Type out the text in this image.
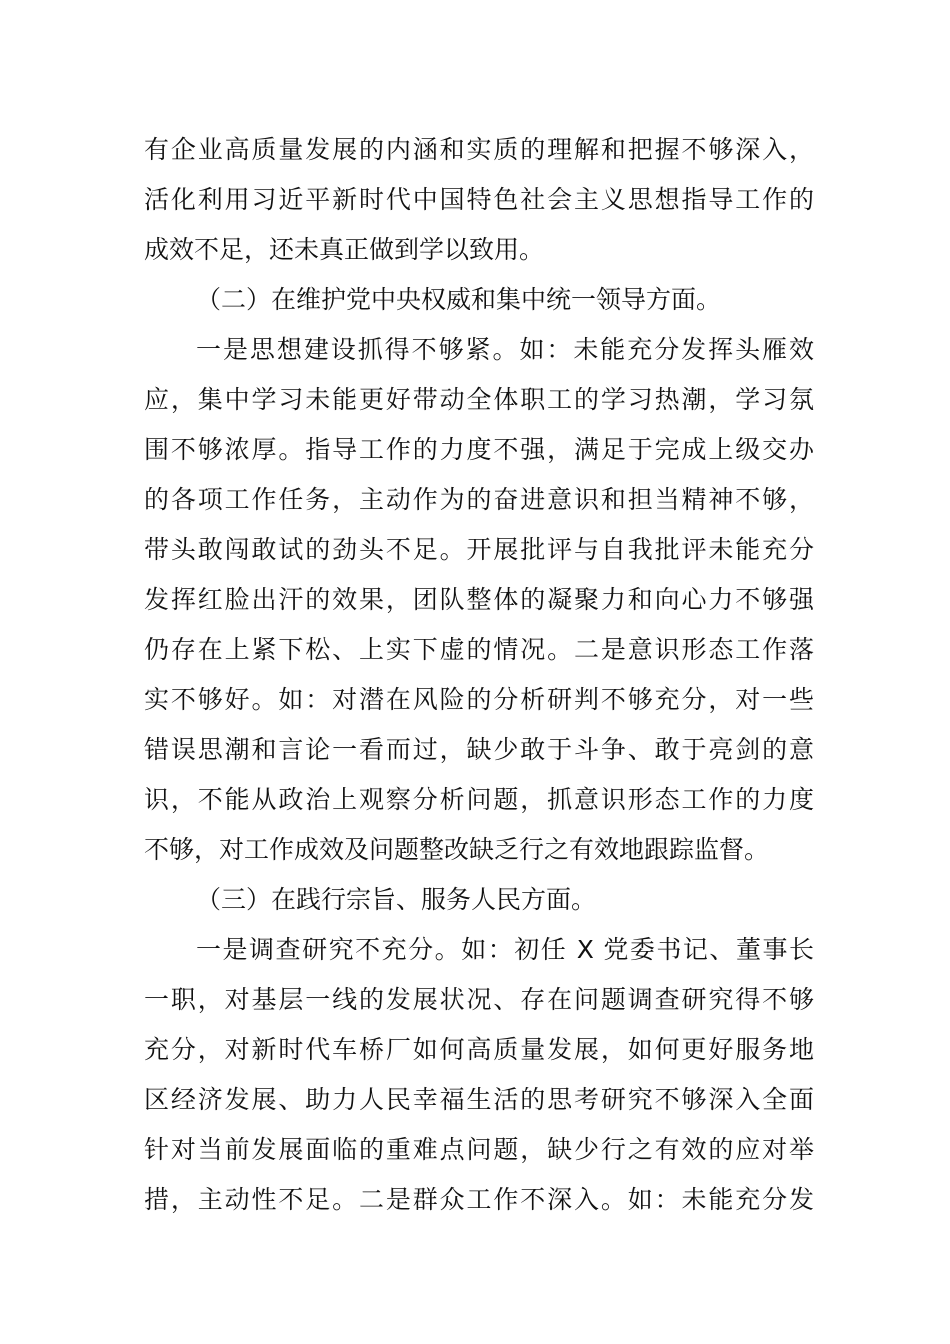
有企业高质量发展的内涵和实质的理解和把握不够深入，
活化利用习近平新时代中国特色社会主义思想指导工作的
成效不足，还未真正做到学以致用。
（二）在维护党中央权威和集中统一领导方面。
一是思想建设抓得不够紧。如：未能充分发挥头雁效
应，集中学习未能更好带动全体职工的学习热潮，学习氛
围不够浓厚。指导工作的力度不强，满足于完成上级交办
的各项工作任务，主动作为的奋进意识和担当精神不够，
带头敢闯敢试的劲头不足。开展批评与自我批评未能充分
发挥红脸出汗的效果，团队整体的凝聚力和向心力不够强
仍存在上紧下松、上实下虚的情况。二是意识形态工作落
实不够好。如：对潜在风险的分析研判不够充分，对一些
错误思潮和言论一看而过，缺少敢于斗争、敢于亮剑的意
识，不能从政治上观察分析问题，抓意识形态工作的力度
不够，对工作成效及问题整改缺乏行之有效地跟踪监督。
（三）在践行宗旨、服务人民方面。
一是调查研究不充分。如：初任 X 党委书记、董事长
一职，对基层一线的发展状况、存在问题调查研究得不够
充分，对新时代车桥厂如何高质量发展，如何更好服务地
区经济发展、助力人民幸福生活的思考研究不够深入全面
针对当前发展面临的重难点问题，缺少行之有效的应对举
措，主动性不足。二是群众工作不深入。如：未能充分发
